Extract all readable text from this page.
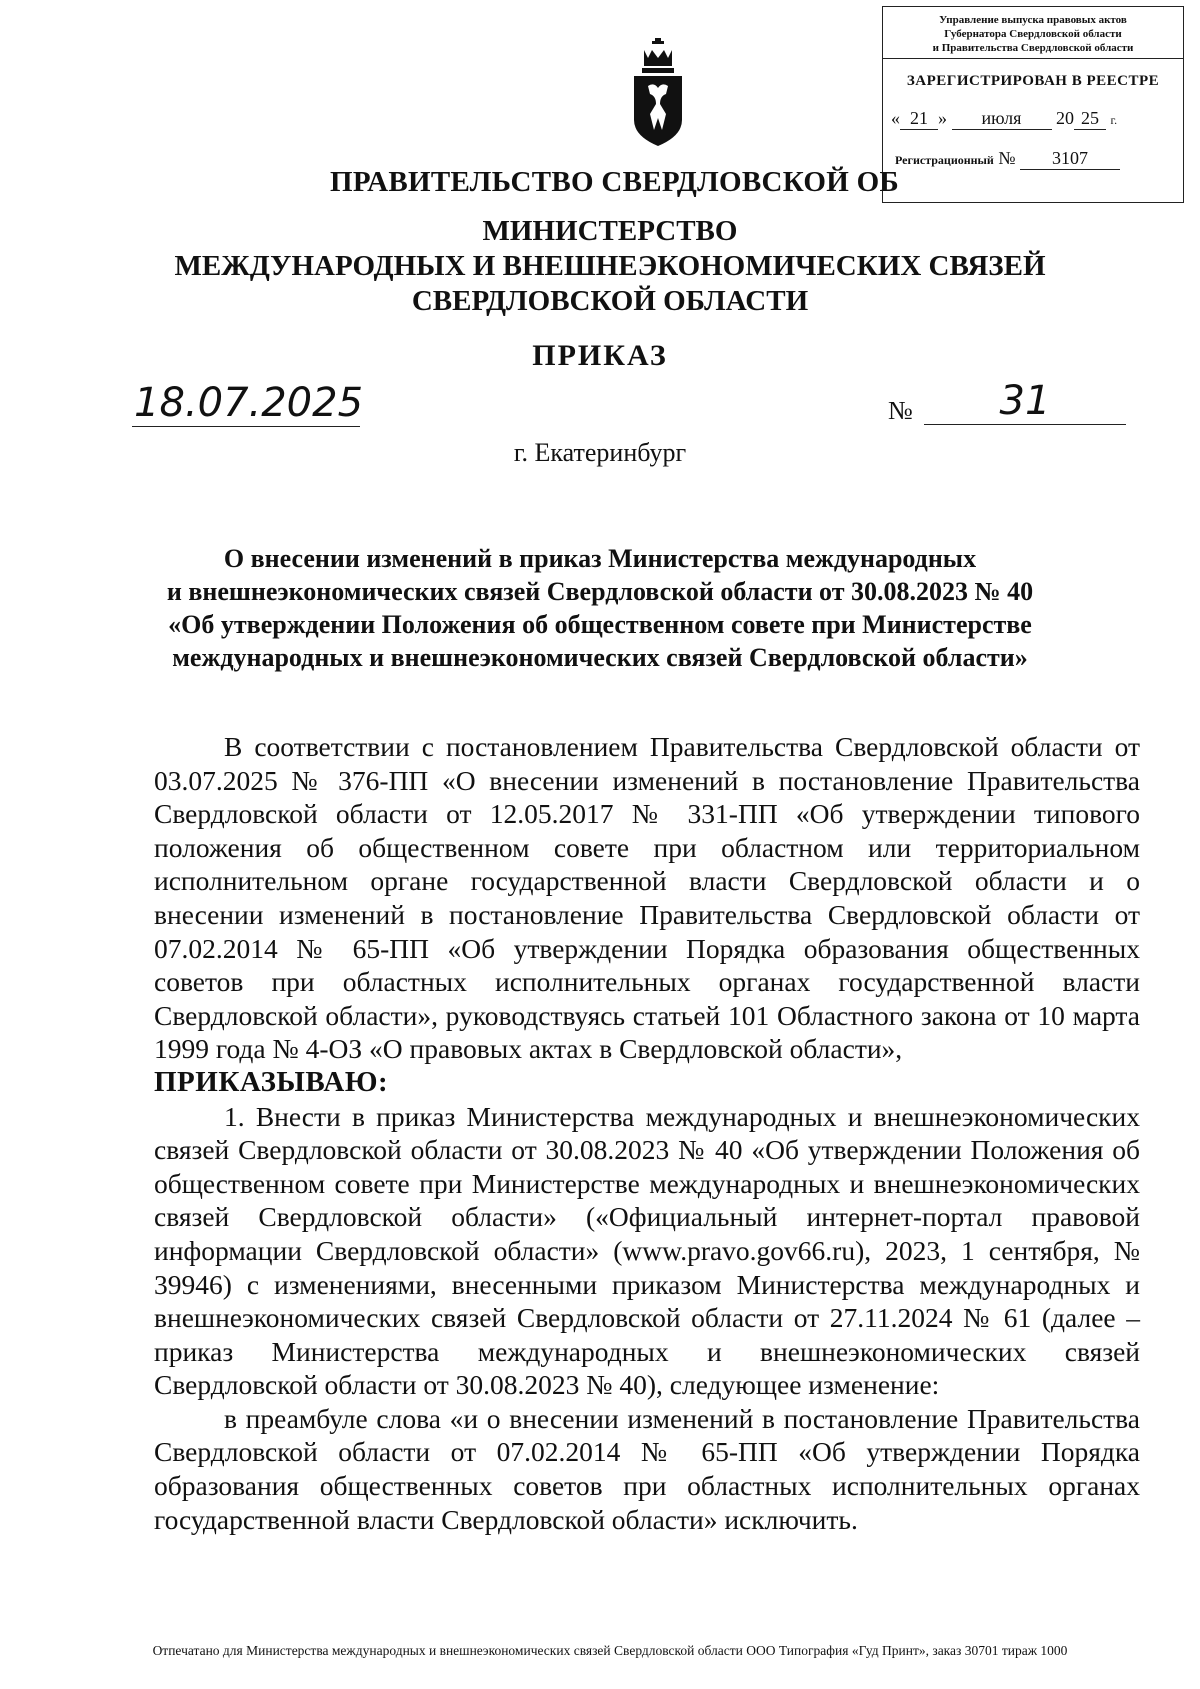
Управление выпуска правовых актов
Губернатора Свердловской области
и Правительства Свердловской области
ЗАРЕГИСТРИРОВАН В РЕЕСТРЕ
« 21 » июля 20 25 г.
Регистрационный № 3107
ПРАВИТЕЛЬСТВО СВЕРДЛОВСКОЙ ОБ
МИНИСТЕРСТВО
МЕЖДУНАРОДНЫХ И ВНЕШНЕЭКОНОМИЧЕСКИХ СВЯЗЕЙ
СВЕРДЛОВСКОЙ ОБЛАСТИ
ПРИКАЗ
18.07.2025	№	31
г. Екатеринбург
О внесении изменений в приказ Министерства международных
и внешнеэкономических связей Свердловской области от 30.08.2023 № 40
«Об утверждении Положения об общественном совете при Министерстве
международных и внешнеэкономических связей Свердловской области»

В соответствии с постановлением Правительства Свердловской области от 03.07.2025 № 376-ПП «О внесении изменений в постановление Правительства Свердловской области от 12.05.2017 № 331-ПП «Об утверждении типового положения об общественном совете при областном или территориальном исполнительном органе государственной власти Свердловской области и о внесении изменений в постановление Правительства Свердловской области от 07.02.2014 № 65-ПП «Об утверждении Порядка образования общественных советов при областных исполнительных органах государственной власти Свердловской области», руководствуясь статьей 101 Областного закона от 10 марта 1999 года № 4-ОЗ «О правовых актах в Свердловской области»,

ПРИКАЗЫВАЮ:

1. Внести в приказ Министерства международных и внешнеэкономических связей Свердловской области от 30.08.2023 № 40 «Об утверждении Положения об общественном совете при Министерстве международных и внешнеэкономических связей Свердловской области» («Официальный интернет-портал правовой информации Свердловской области» (www.pravo.gov66.ru), 2023, 1 сентября, № 39946) с изменениями, внесенными приказом Министерства международных и внешнеэкономических связей Свердловской области от 27.11.2024 № 61 (далее – приказ Министерства международных и внешнеэкономических связей Свердловской области от 30.08.2023 № 40), следующее изменение:

в преамбуле слова «и о внесении изменений в постановление Правительства Свердловской области от 07.02.2014 № 65-ПП «Об утверждении Порядка образования общественных советов при областных исполнительных органах государственной власти Свердловской области» исключить.

Отпечатано для Министерства международных и внешнеэкономических связей Свердловской области ООО Типография «Гуд Принт», заказ 30701 тираж 1000
